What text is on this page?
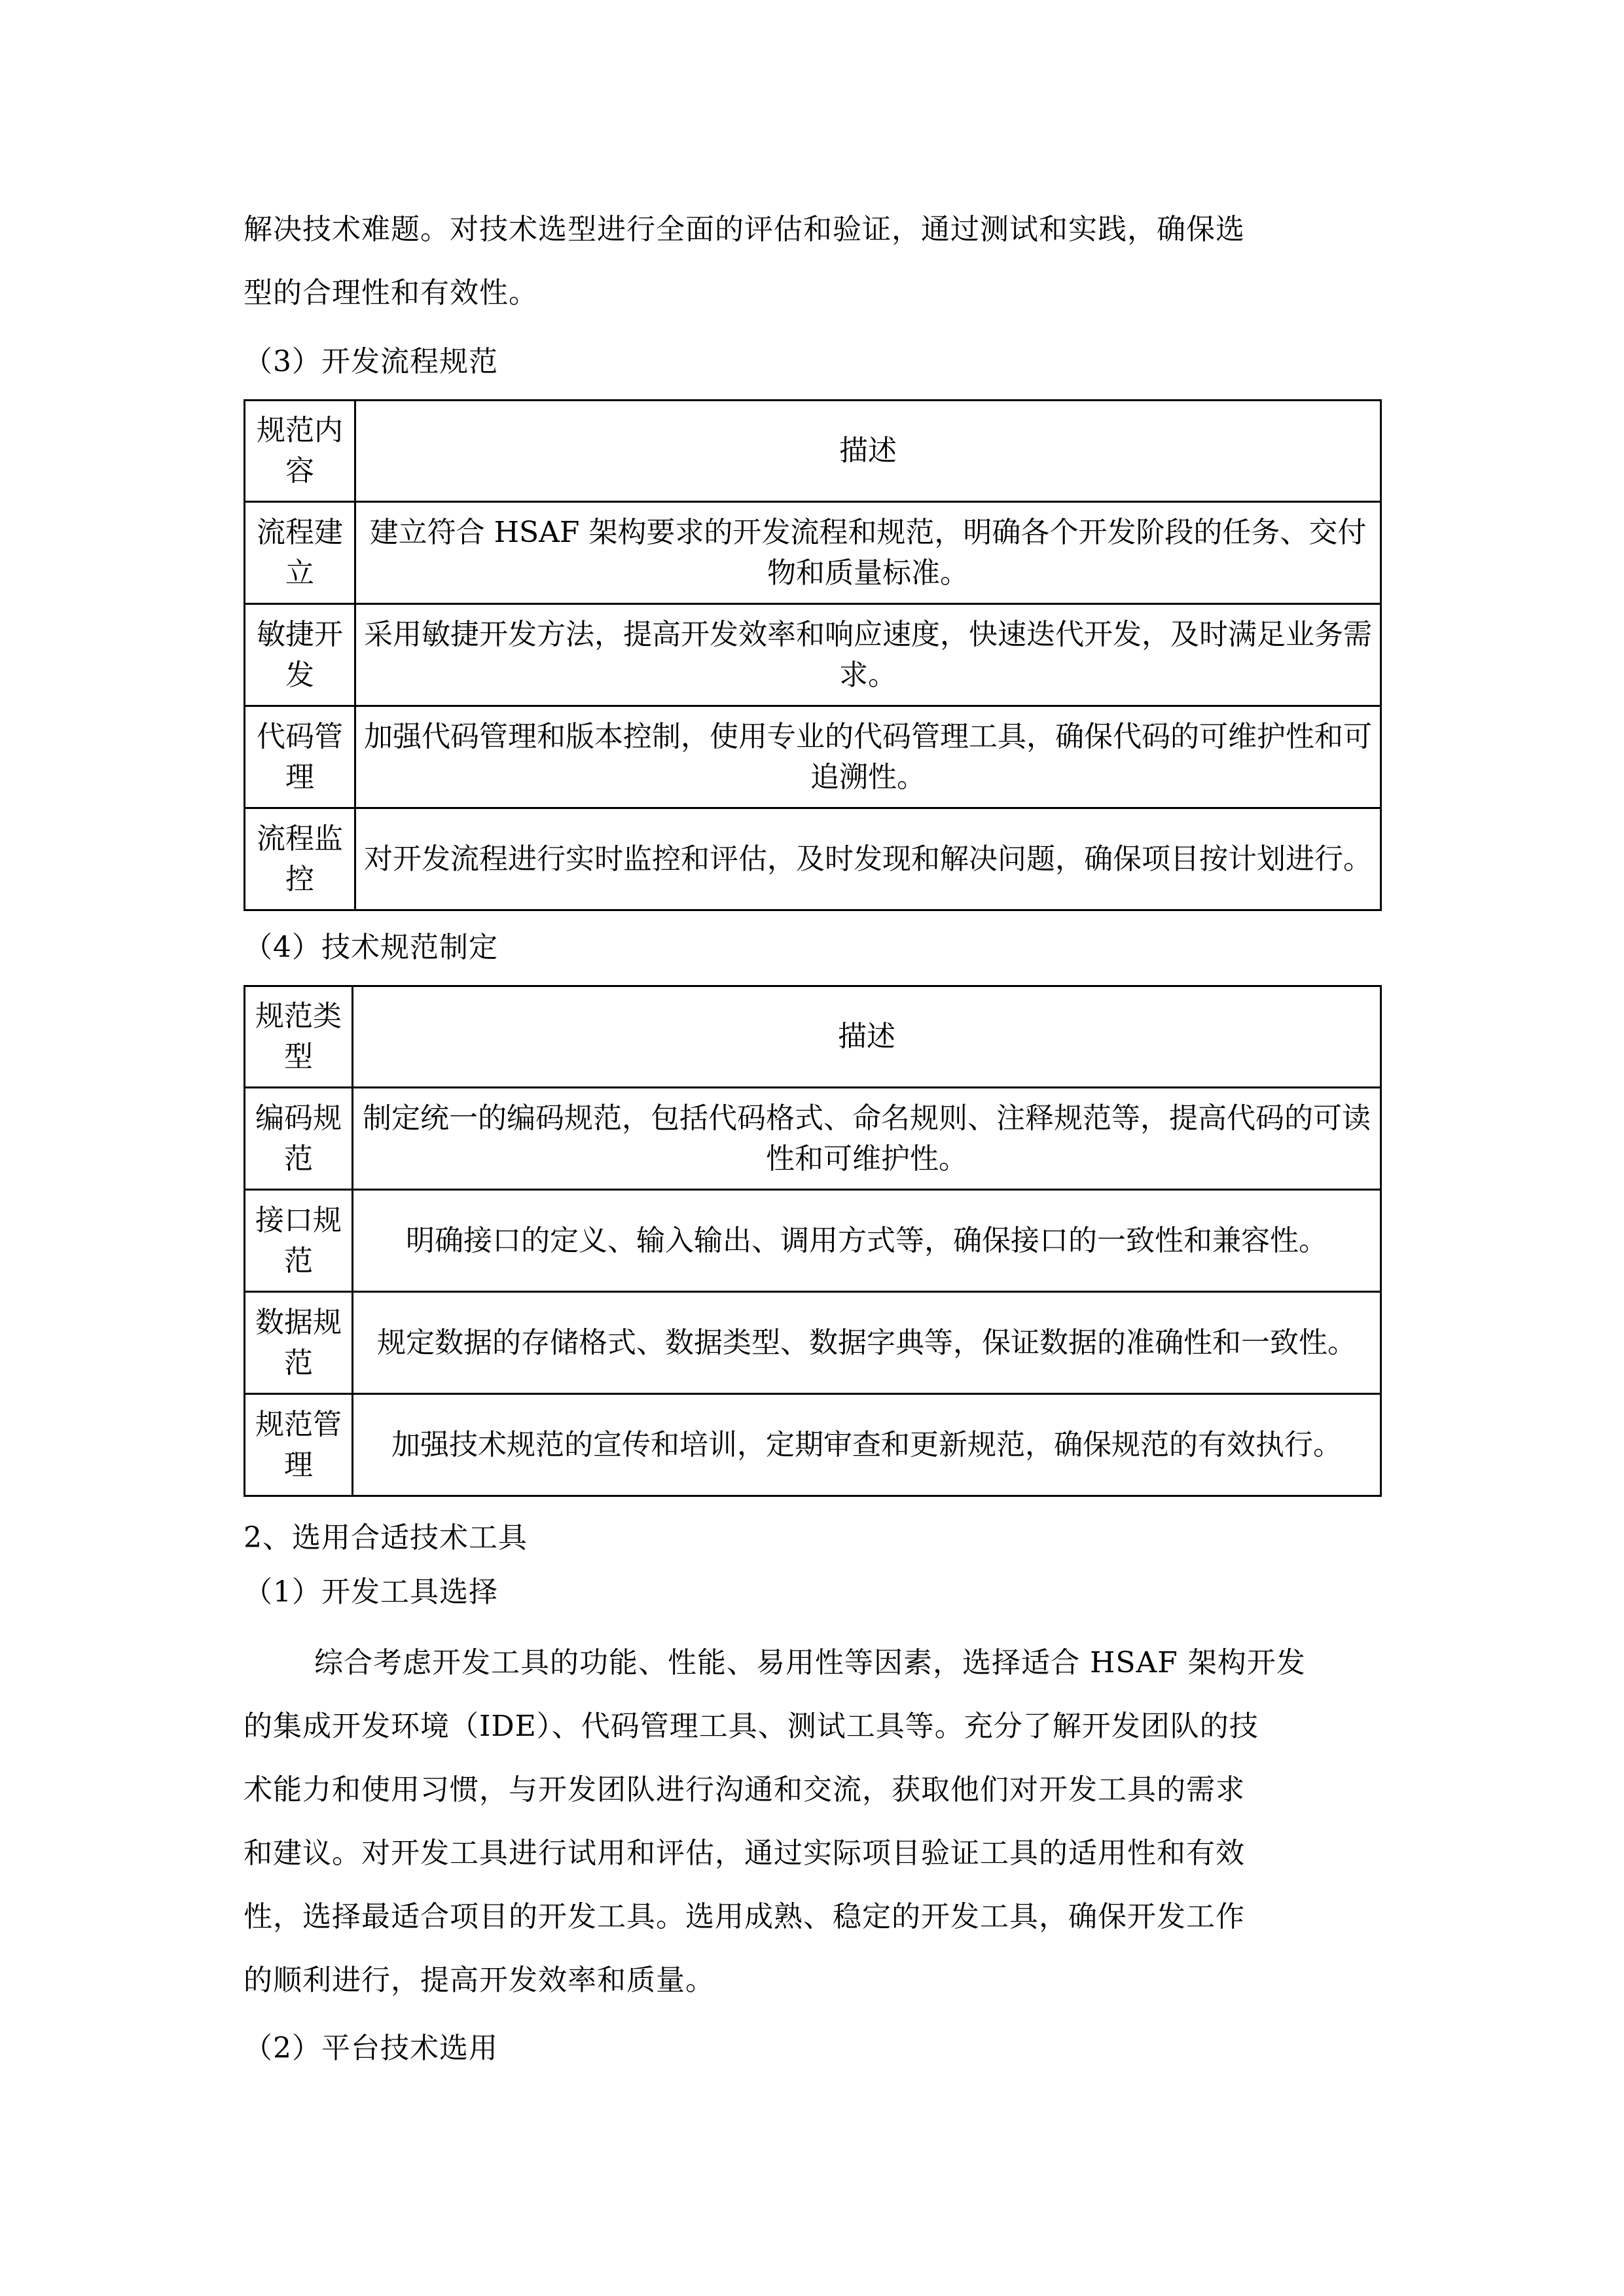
解决技术难题。对技术选型进行全面的评估和验证，通过测试和实践，确保选
型的合理性和有效性。
（3）开发流程规范
规范内容	描述
流程建立	建立符合 HSAF 架构要求的开发流程和规范，明确各个开发阶段的任务、交付物和质量标准。
敏捷开发	采用敏捷开发方法，提高开发效率和响应速度，快速迭代开发，及时满足业务需求。
代码管理	加强代码管理和版本控制，使用专业的代码管理工具，确保代码的可维护性和可追溯性。
流程监控	对开发流程进行实时监控和评估，及时发现和解决问题，确保项目按计划进行。
（4）技术规范制定
规范类型	描述
编码规范	制定统一的编码规范，包括代码格式、命名规则、注释规范等，提高代码的可读性和可维护性。
接口规范	明确接口的定义、输入输出、调用方式等，确保接口的一致性和兼容性。
数据规范	规定数据的存储格式、数据类型、数据字典等，保证数据的准确性和一致性。
规范管理	加强技术规范的宣传和培训，定期审查和更新规范，确保规范的有效执行。
2、选用合适技术工具
（1）开发工具选择
综合考虑开发工具的功能、性能、易用性等因素，选择适合 HSAF 架构开发
的集成开发环境（IDE）、代码管理工具、测试工具等。充分了解开发团队的技
术能力和使用习惯，与开发团队进行沟通和交流，获取他们对开发工具的需求
和建议。对开发工具进行试用和评估，通过实际项目验证工具的适用性和有效
性，选择最适合项目的开发工具。选用成熟、稳定的开发工具，确保开发工作
的顺利进行，提高开发效率和质量。
（2）平台技术选用
